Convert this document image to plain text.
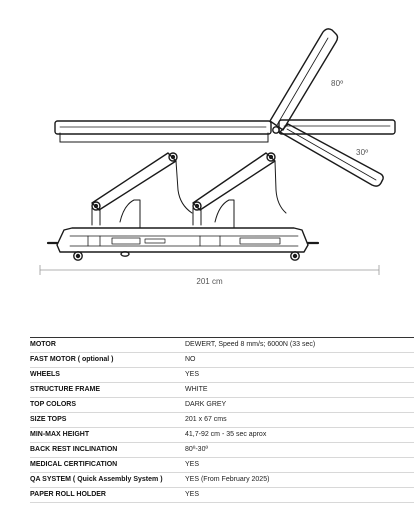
80º
30º
201 cm
MOTOR	DEWERT, Speed 8 mm/s; 6000N (33 sec)
FAST MOTOR ( optional )	NO
WHEELS	YES
STRUCTURE FRAME	WHITE
TOP COLORS	DARK GREY
SIZE TOPS	201 x 67 cms
MIN-MAX HEIGHT	41,7-92 cm - 35 sec aprox
BACK REST INCLINATION	80º-30º
MEDICAL CERTIFICATION	YES
QA SYSTEM ( Quick Assembly System )	YES (From February 2025)
PAPER ROLL HOLDER	YES
